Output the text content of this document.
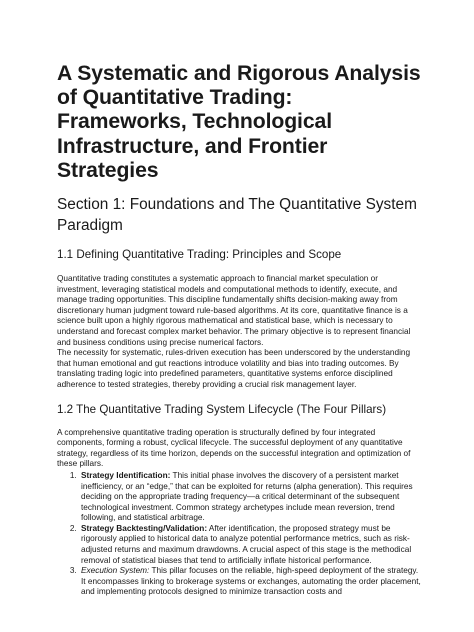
A Systematic and Rigorous Analysis of Quantitative Trading: Frameworks, Technological Infrastructure, and Frontier Strategies
Section 1: Foundations and The Quantitative System Paradigm
1.1 Defining Quantitative Trading: Principles and Scope

Quantitative trading constitutes a systematic approach to financial market speculation or investment, leveraging statistical models and computational methods to identify, execute, and manage trading opportunities. This discipline fundamentally shifts decision-making away from discretionary human judgment toward rule-based algorithms. At its core, quantitative finance is a science built upon a highly rigorous mathematical and statistical base, which is necessary to understand and forecast complex market behavior. The primary objective is to represent financial and business conditions using precise numerical factors.

The necessity for systematic, rules-driven execution has been underscored by the understanding that human emotional and gut reactions introduce volatility and bias into trading outcomes. By translating trading logic into predefined parameters, quantitative systems enforce disciplined adherence to tested strategies, thereby providing a crucial risk management layer.

1.2 The Quantitative Trading System Lifecycle (The Four Pillars)

A comprehensive quantitative trading operation is structurally defined by four integrated components, forming a robust, cyclical lifecycle. The successful deployment of any quantitative strategy, regardless of its time horizon, depends on the successful integration and optimization of these pillars.

1. Strategy Identification: This initial phase involves the discovery of a persistent market inefficiency, or an “edge,” that can be exploited for returns (alpha generation). This requires deciding on the appropriate trading frequency—a critical determinant of the subsequent technological investment. Common strategy archetypes include mean reversion, trend following, and statistical arbitrage.
2. Strategy Backtesting/Validation: After identification, the proposed strategy must be rigorously applied to historical data to analyze potential performance metrics, such as risk-adjusted returns and maximum drawdowns. A crucial aspect of this stage is the methodical removal of statistical biases that tend to artificially inflate historical performance.
3. Execution System: This pillar focuses on the reliable, high-speed deployment of the strategy. It encompasses linking to brokerage systems or exchanges, automating the order placement, and implementing protocols designed to minimize transaction costs and
